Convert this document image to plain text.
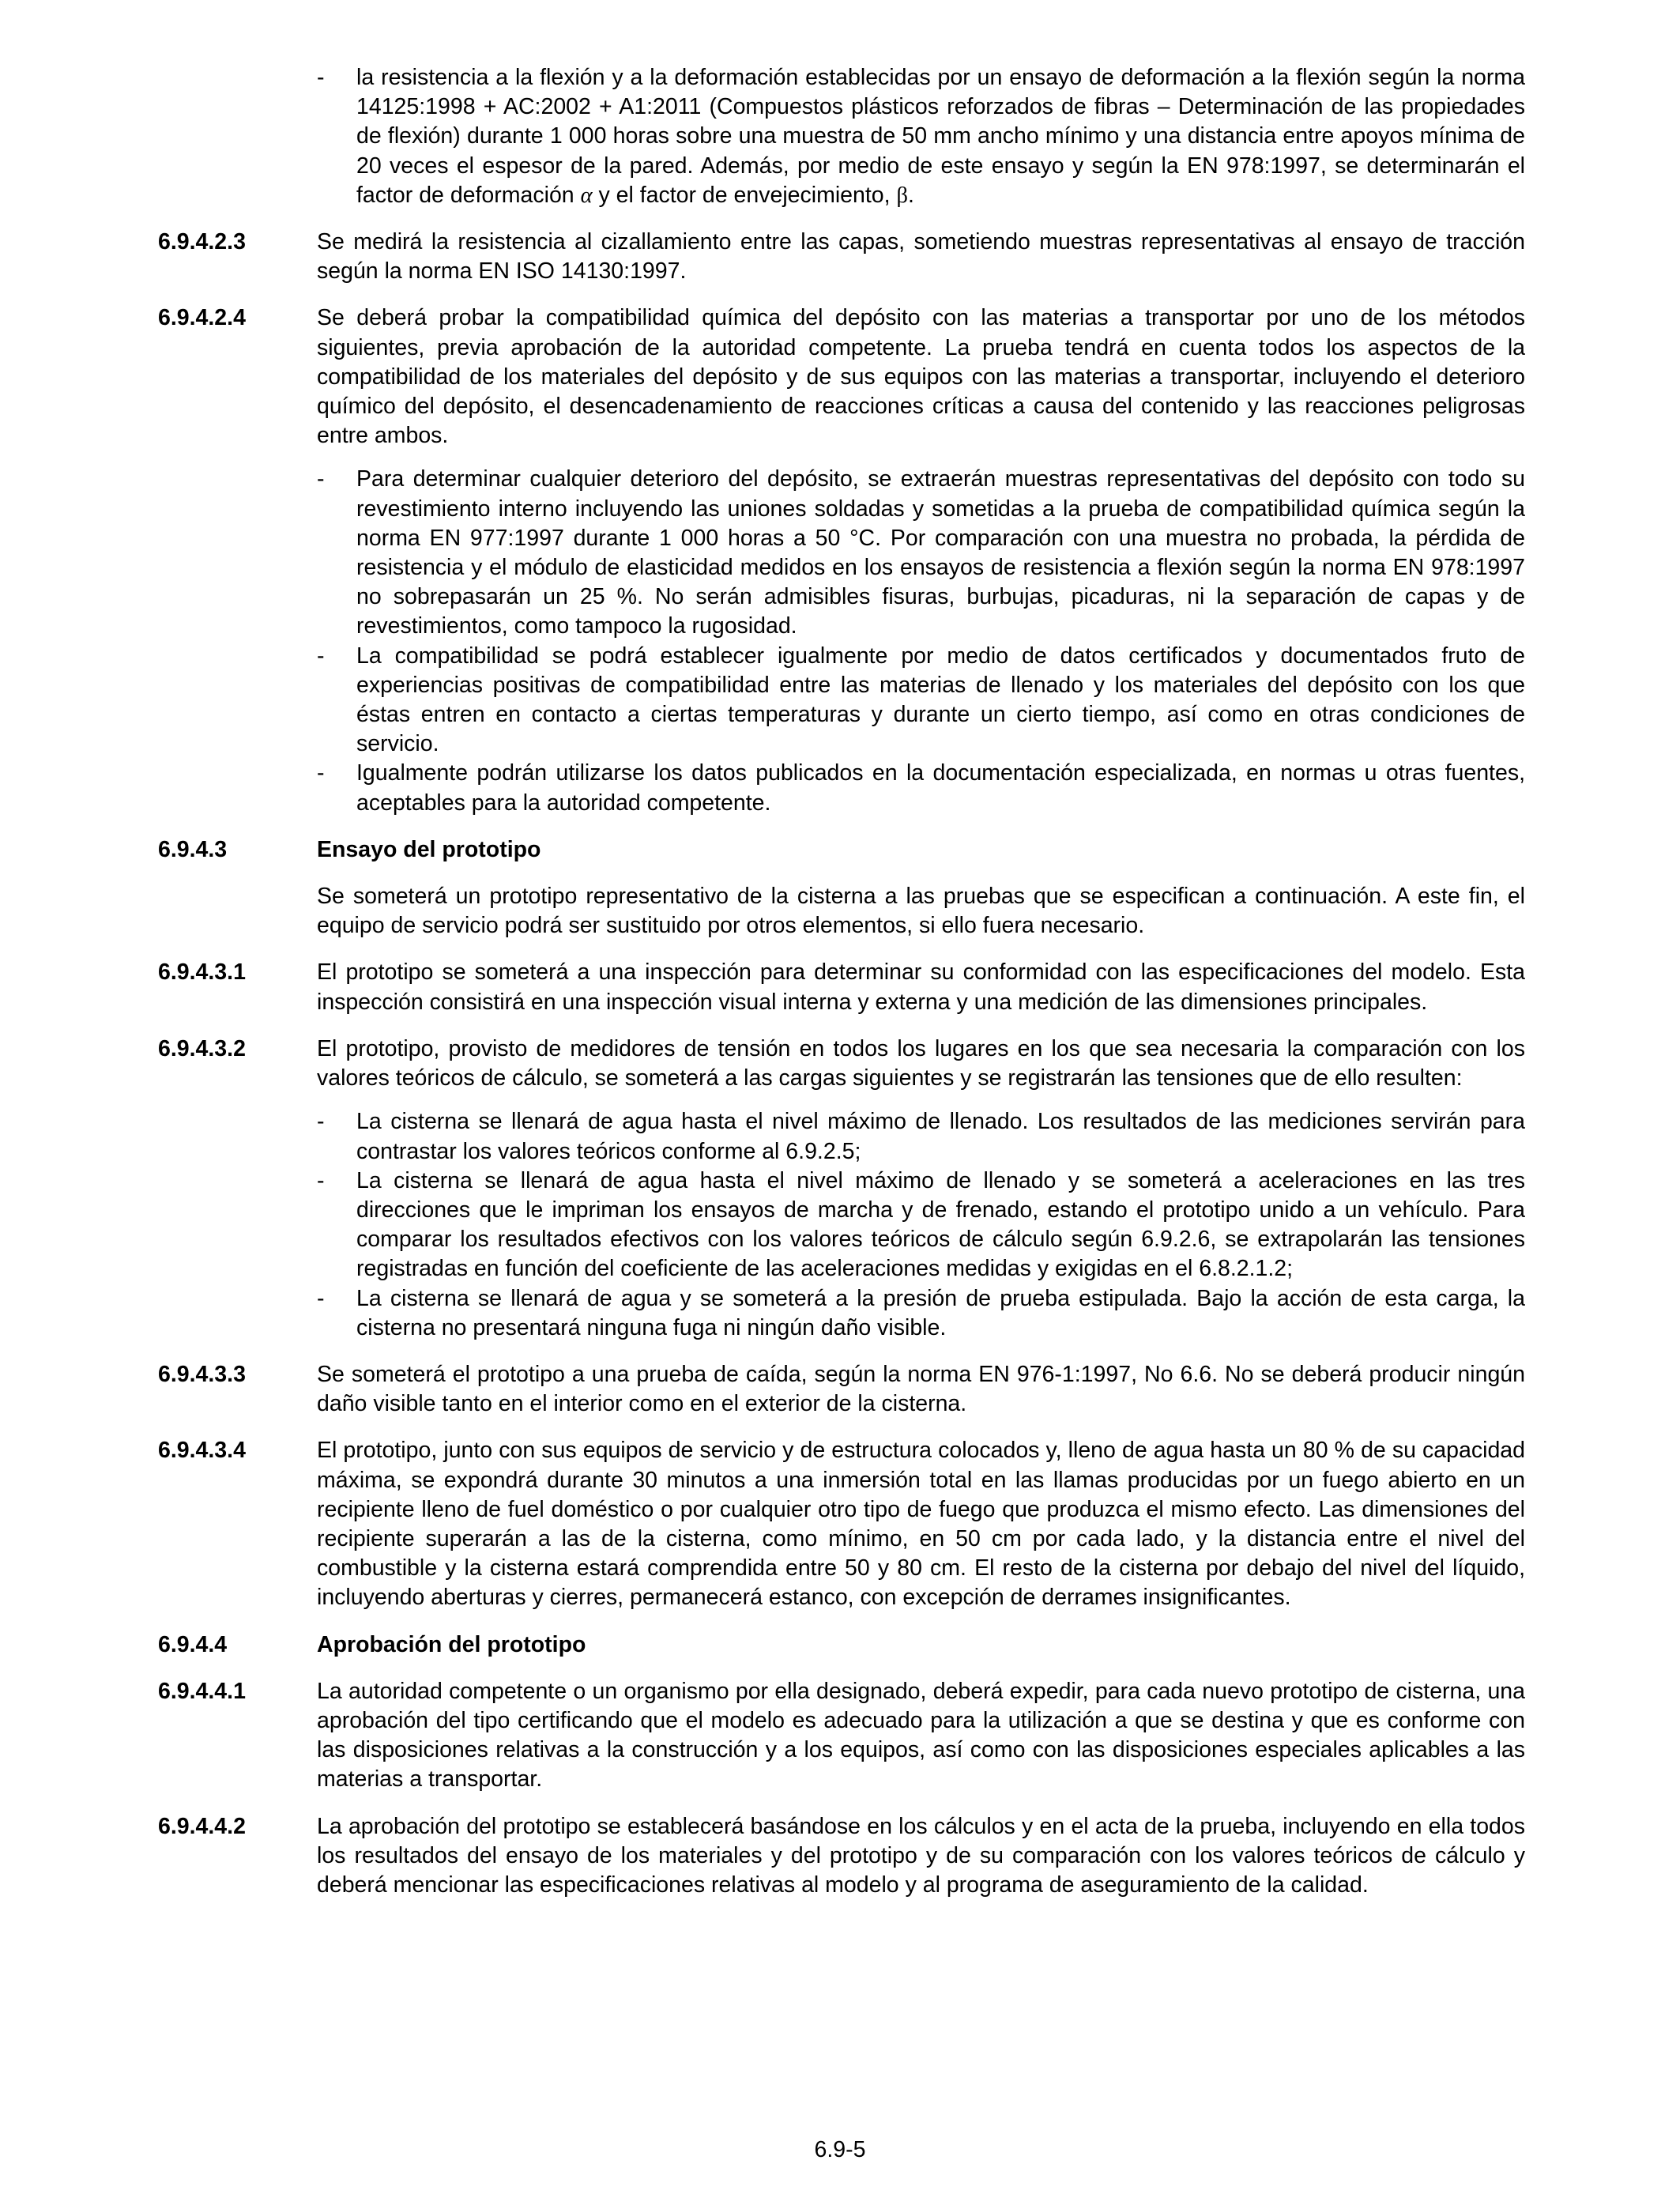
- la resistencia a la flexión y a la deformación establecidas por un ensayo de deformación a la flexión según la norma 14125:1998 + AC:2002 + A1:2011 (Compuestos plásticos reforzados de fibras – Determinación de las propiedades de flexión) durante 1 000 horas sobre una muestra de 50 mm ancho mínimo y una distancia entre apoyos mínima de 20 veces el espesor de la pared. Además, por medio de este ensayo y según la EN 978:1997, se determinarán el factor de deformación α y el factor de envejecimiento, β.
6.9.4.2.3	Se medirá la resistencia al cizallamiento entre las capas, sometiendo muestras representativas al ensayo de tracción según la norma EN ISO 14130:1997.
6.9.4.2.4	Se deberá probar la compatibilidad química del depósito con las materias a transportar por uno de los métodos siguientes, previa aprobación de la autoridad competente. La prueba tendrá en cuenta todos los aspectos de la compatibilidad de los materiales del depósito y de sus equipos con las materias a transportar, incluyendo el deterioro químico del depósito, el desencadenamiento de reacciones críticas a causa del contenido y las reacciones peligrosas entre ambos.
- Para determinar cualquier deterioro del depósito, se extraerán muestras representativas del depósito con todo su revestimiento interno incluyendo las uniones soldadas y sometidas a la prueba de compatibilidad química según la norma EN 977:1997 durante 1 000 horas a 50 °C. Por comparación con una muestra no probada, la pérdida de resistencia y el módulo de elasticidad medidos en los ensayos de resistencia a flexión según la norma EN 978:1997 no sobrepasarán un 25 %. No serán admisibles fisuras, burbujas, picaduras, ni la separación de capas y de revestimientos, como tampoco la rugosidad.
- La compatibilidad se podrá establecer igualmente por medio de datos certificados y documentados fruto de experiencias positivas de compatibilidad entre las materias de llenado y los materiales del depósito con los que éstas entren en contacto a ciertas temperaturas y durante un cierto tiempo, así como en otras condiciones de servicio.
- Igualmente podrán utilizarse los datos publicados en la documentación especializada, en normas u otras fuentes, aceptables para la autoridad competente.
6.9.4.3	Ensayo del prototipo
Se someterá un prototipo representativo de la cisterna a las pruebas que se especifican a continuación. A este fin, el equipo de servicio podrá ser sustituido por otros elementos, si ello fuera necesario.
6.9.4.3.1	El prototipo se someterá a una inspección para determinar su conformidad con las especificaciones del modelo. Esta inspección consistirá en una inspección visual interna y externa y una medición de las dimensiones principales.
6.9.4.3.2	El prototipo, provisto de medidores de tensión en todos los lugares en los que sea necesaria la comparación con los valores teóricos de cálculo, se someterá a las cargas siguientes y se registrarán las tensiones que de ello resulten:
- La cisterna se llenará de agua hasta el nivel máximo de llenado. Los resultados de las mediciones servirán para contrastar los valores teóricos conforme al 6.9.2.5;
- La cisterna se llenará de agua hasta el nivel máximo de llenado y se someterá a aceleraciones en las tres direcciones que le impriman los ensayos de marcha y de frenado, estando el prototipo unido a un vehículo. Para comparar los resultados efectivos con los valores teóricos de cálculo según 6.9.2.6, se extrapolarán las tensiones registradas en función del coeficiente de las aceleraciones medidas y exigidas en el 6.8.2.1.2;
- La cisterna se llenará de agua y se someterá a la presión de prueba estipulada. Bajo la acción de esta carga, la cisterna no presentará ninguna fuga ni ningún daño visible.
6.9.4.3.3	Se someterá el prototipo a una prueba de caída, según la norma EN 976-1:1997, No 6.6. No se deberá producir ningún daño visible tanto en el interior como en el exterior de la cisterna.
6.9.4.3.4	El prototipo, junto con sus equipos de servicio y de estructura colocados y, lleno de agua hasta un 80 % de su capacidad máxima, se expondrá durante 30 minutos a una inmersión total en las llamas producidas por un fuego abierto en un recipiente lleno de fuel doméstico o por cualquier otro tipo de fuego que produzca el mismo efecto. Las dimensiones del recipiente superarán a las de la cisterna, como mínimo, en 50 cm por cada lado, y la distancia entre el nivel del combustible y la cisterna estará comprendida entre 50 y 80 cm. El resto de la cisterna por debajo del nivel del líquido, incluyendo aberturas y cierres, permanecerá estanco, con excepción de derrames insignificantes.
6.9.4.4	Aprobación del prototipo
6.9.4.4.1	La autoridad competente o un organismo por ella designado, deberá expedir, para cada nuevo prototipo de cisterna, una aprobación del tipo certificando que el modelo es adecuado para la utilización a que se destina y que es conforme con las disposiciones relativas a la construcción y a los equipos, así como con las disposiciones especiales aplicables a las materias a transportar.
6.9.4.4.2	La aprobación del prototipo se establecerá basándose en los cálculos y en el acta de la prueba, incluyendo en ella todos los resultados del ensayo de los materiales y del prototipo y de su comparación con los valores teóricos de cálculo y deberá mencionar las especificaciones relativas al modelo y al programa de aseguramiento de la calidad.
6.9-5
